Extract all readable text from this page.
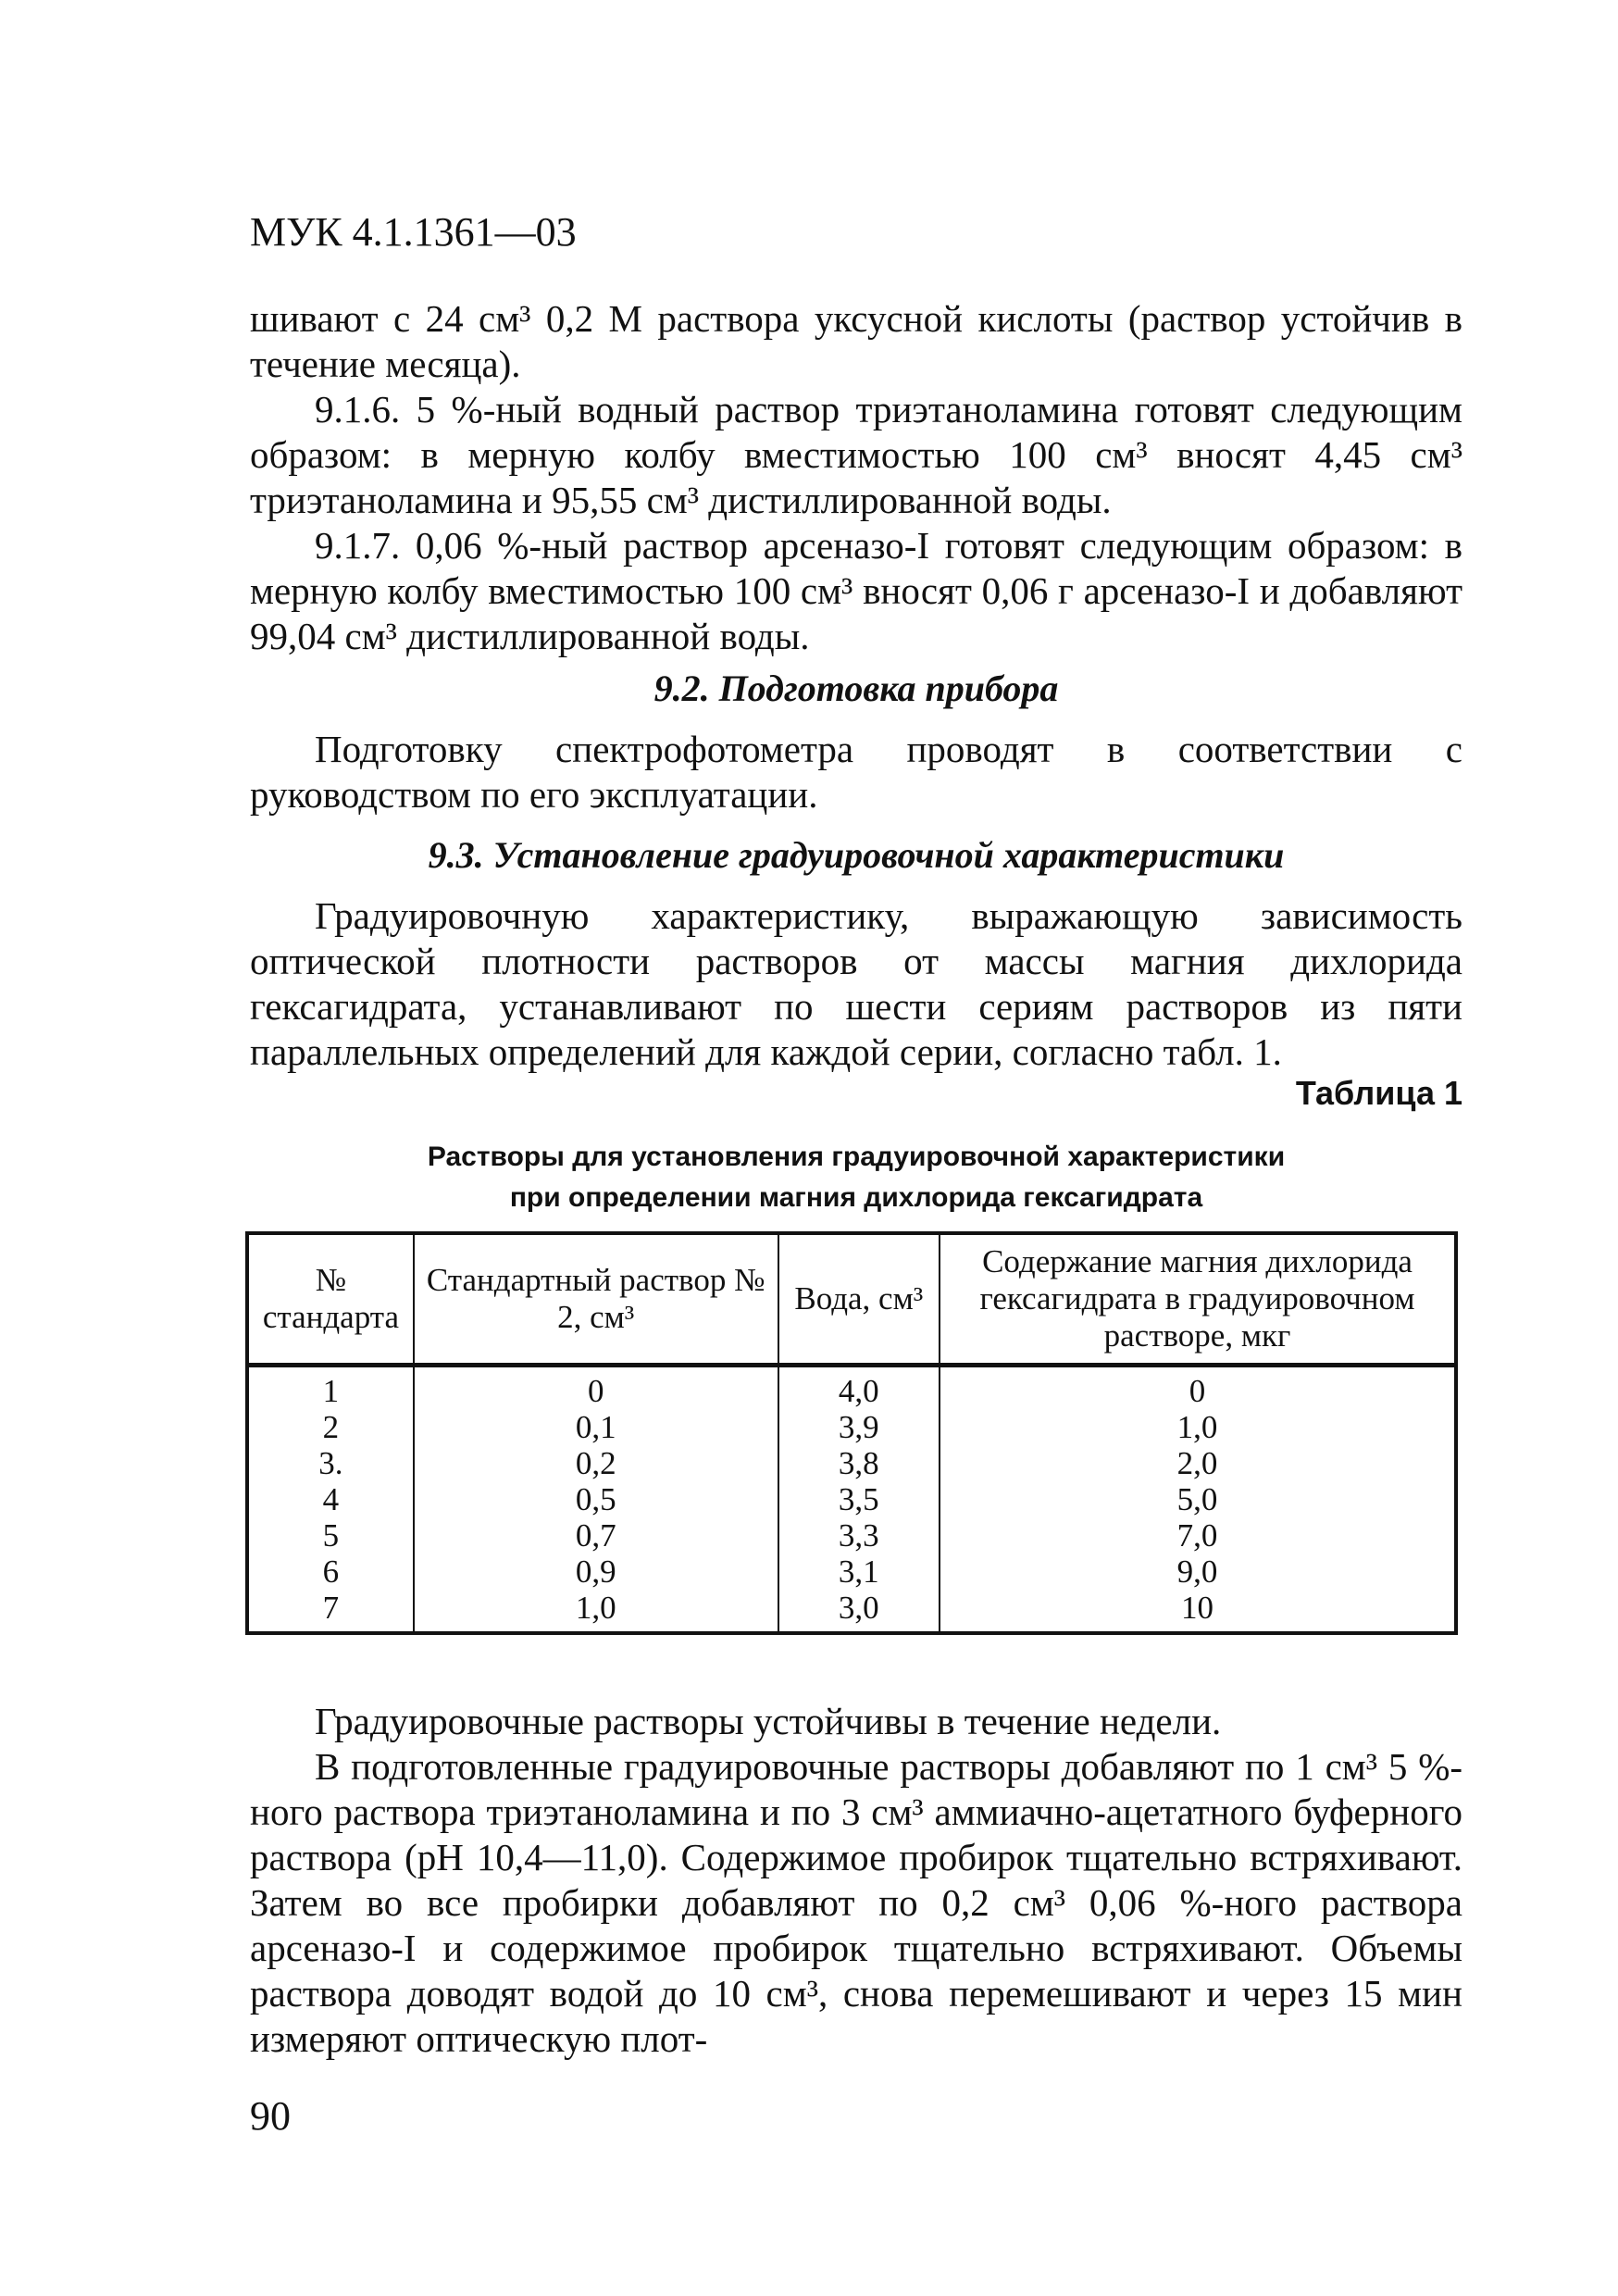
МУК 4.1.1361—03

шивают с 24 см³ 0,2 М раствора уксусной кислоты (раствор устойчив в течение месяца).

9.1.6. 5 %-ный водный раствор триэтаноламина готовят следующим образом: в мерную колбу вместимостью 100 см³ вносят 4,45 см³ триэтаноламина и 95,55 см³ дистиллированной воды.

9.1.7. 0,06 %-ный раствор арсеназо-I готовят следующим образом: в мерную колбу вместимостью 100 см³ вносят 0,06 г арсеназо-I и добавляют 99,04 см³ дистиллированной воды.

9.2. Подготовка прибора

Подготовку спектрофотометра проводят в соответствии с руководством по его эксплуатации.

9.3. Установление градуировочной характеристики

Градуировочную характеристику, выражающую зависимость оптической плотности растворов от массы магния дихлорида гексагидрата, устанавливают по шести сериям растворов из пяти параллельных определений для каждой серии, согласно табл. 1.

Таблица 1

Растворы для установления градуировочной характеристики
при определении магния дихлорида гексагидрата

№ стандарта	Стандартный раствор № 2, см³	Вода, см³	Содержание магния дихлорида гексагидрата в градуировочном растворе, мкг
1	0	4,0	0
2	0,1	3,9	1,0
3.	0,2	3,8	2,0
4	0,5	3,5	5,0
5	0,7	3,3	7,0
6	0,9	3,1	9,0
7	1,0	3,0	10

Градуировочные растворы устойчивы в течение недели.

В подготовленные градуировочные растворы добавляют по 1 см³ 5 %-ного раствора триэтаноламина и по 3 см³ аммиачно-ацетатного буферного раствора (рН 10,4—11,0). Содержимое пробирок тщательно встряхивают. Затем во все пробирки добавляют по 0,2 см³ 0,06 %-ного раствора арсеназо-I и содержимое пробирок тщательно встряхивают. Объемы раствора доводят водой до 10 см³, снова перемешивают и через 15 мин измеряют оптическую плот-

90
